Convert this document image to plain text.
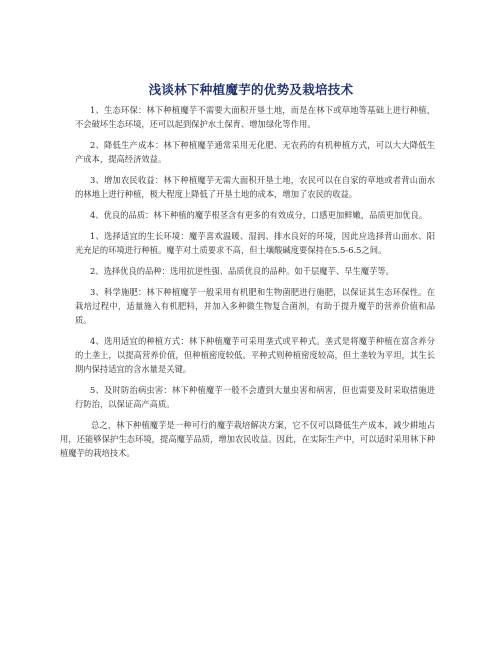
浅谈林下种植魔芋的优势及栽培技术

1、生态环保：林下种植魔芋不需要大面积开垦土地，而是在林下或草地等基础上进行种植，不会破坏生态环境，还可以起到保护水土保育、增加绿化等作用。

2、降低生产成本：林下种植魔芋通常采用无化肥、无农药的有机种植方式，可以大大降低生产成本，提高经济效益。

3、增加农民收益：林下种植魔芋无需大面积开垦土地，农民可以在自家的草地或者背山面水的林地上进行种植，极大程度上降低了开垦土地的成本，增加了农民的收益。

4、优良的品质：林下种植的魔芋根茎含有更多的有效成分，口感更加鲜嫩，品质更加优良。

1、选择适宜的生长环境：魔芋喜欢温暖、湿润、排水良好的环境，因此应选择背山面水、阳光充足的环境进行种植。魔芋对土质要求不高，但土壤酸碱度要保持在5.5-6.5之间。

2、选择优良的品种：选用抗逆性强、品质优良的品种。如千层魔芋、早生魔芋等。

3、科学施肥：林下种植魔芋一般采用有机肥和生物菌肥进行施肥，以保证其生态环保性。在栽培过程中，适量施入有机肥料，并加入多种微生物复合菌剂，有助于提升魔芋的营养价值和品质。

4、选用适宜的种植方式：林下种植魔芋可采用垄式或平种式。垄式是将魔芋种植在富含养分的土垄上，以提高营养价值，但种植密度较低。平种式则种植密度较高，但土垄较为平坦，其生长期内保持适宜的含水量是关键。

5、及时防治病虫害：林下种植魔芋一般不会遭到大量虫害和病害，但也需要及时采取措施进行防治，以保证高产高质。

总之，林下种植魔芋是一种可行的魔芋栽培解决方案，它不仅可以降低生产成本，减少耕地占用，还能够保护生态环境，提高魔芋品质，增加农民收益。因此，在实际生产中，可以适时采用林下种植魔芋的栽培技术。
